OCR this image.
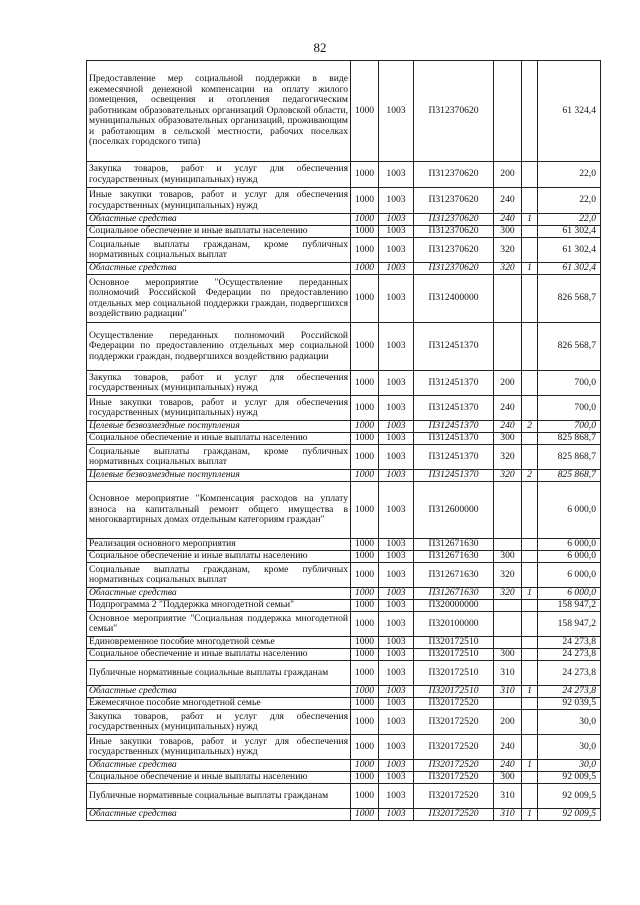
82
Предоставление мер социальной поддержки в виде ежемесячной денежной компенсации на оплату жилого помещения, освещения и отопления педагогическим работникам образовательных организаций Орловской области, муниципальных образовательных организаций, проживающим и работающим в сельской местности, рабочих поселках (поселках городского типа)	1000	1003	П312370620			61 324,4
Закупка товаров, работ и услуг для обеспечения государственных (муниципальных) нужд	1000	1003	П312370620	200		22,0
Иные закупки товаров, работ и услуг для обеспечения государственных (муниципальных) нужд	1000	1003	П312370620	240		22,0
Областные средства	1000	1003	П312370620	240	1	22,0
Социальное обеспечение и иные выплаты населению	1000	1003	П312370620	300		61 302,4
Социальные выплаты гражданам, кроме публичных нормативных социальных выплат	1000	1003	П312370620	320		61 302,4
Областные средства	1000	1003	П312370620	320	1	61 302,4
Основное мероприятие "Осуществление переданных полномочий Российской Федерации по предоставлению отдельных мер социальной поддержки граждан, подвергшихся воздействию радиации"	1000	1003	П312400000			826 568,7
Осуществление переданных полномочий Российской Федерации по предоставлению отдельных мер социальной поддержки граждан, подвергшихся воздействию радиации	1000	1003	П312451370			826 568,7
Закупка товаров, работ и услуг для обеспечения государственных (муниципальных) нужд	1000	1003	П312451370	200		700,0
Иные закупки товаров, работ и услуг для обеспечения государственных (муниципальных) нужд	1000	1003	П312451370	240		700,0
Целевые безвозмездные поступления	1000	1003	П312451370	240	2	700,0
Социальное обеспечение и иные выплаты населению	1000	1003	П312451370	300		825 868,7
Социальные выплаты гражданам, кроме публичных нормативных социальных выплат	1000	1003	П312451370	320		825 868,7
Целевые безвозмездные поступления	1000	1003	П312451370	320	2	825 868,7
Основное мероприятие "Компенсация расходов на уплату взноса на капитальный ремонт общего имущества в многоквартирных домах отдельным категориям граждан"	1000	1003	П312600000			6 000,0
Реализация основного мероприятия	1000	1003	П312671630			6 000,0
Социальное обеспечение и иные выплаты населению	1000	1003	П312671630	300		6 000,0
Социальные выплаты гражданам, кроме публичных нормативных социальных выплат	1000	1003	П312671630	320		6 000,0
Областные средства	1000	1003	П312671630	320	1	6 000,0
Подпрограмма 2 "Поддержка многодетной семьи"	1000	1003	П320000000			158 947,2
Основное мероприятие "Социальная поддержка многодетной семьи"	1000	1003	П320100000			158 947,2
Единовременное пособие многодетной семье	1000	1003	П320172510			24 273,8
Социальное обеспечение и иные выплаты населению	1000	1003	П320172510	300		24 273,8
Публичные нормативные социальные выплаты гражданам	1000	1003	П320172510	310		24 273,8
Областные средства	1000	1003	П320172510	310	1	24 273,8
Ежемесячное пособие многодетной семье	1000	1003	П320172520			92 039,5
Закупка товаров, работ и услуг для обеспечения государственных (муниципальных) нужд	1000	1003	П320172520	200		30,0
Иные закупки товаров, работ и услуг для обеспечения государственных (муниципальных) нужд	1000	1003	П320172520	240		30,0
Областные средства	1000	1003	П320172520	240	1	30,0
Социальное обеспечение и иные выплаты населению	1000	1003	П320172520	300		92 009,5
Публичные нормативные социальные выплаты гражданам	1000	1003	П320172520	310		92 009,5
Областные средства	1000	1003	П320172520	310	1	92 009,5
